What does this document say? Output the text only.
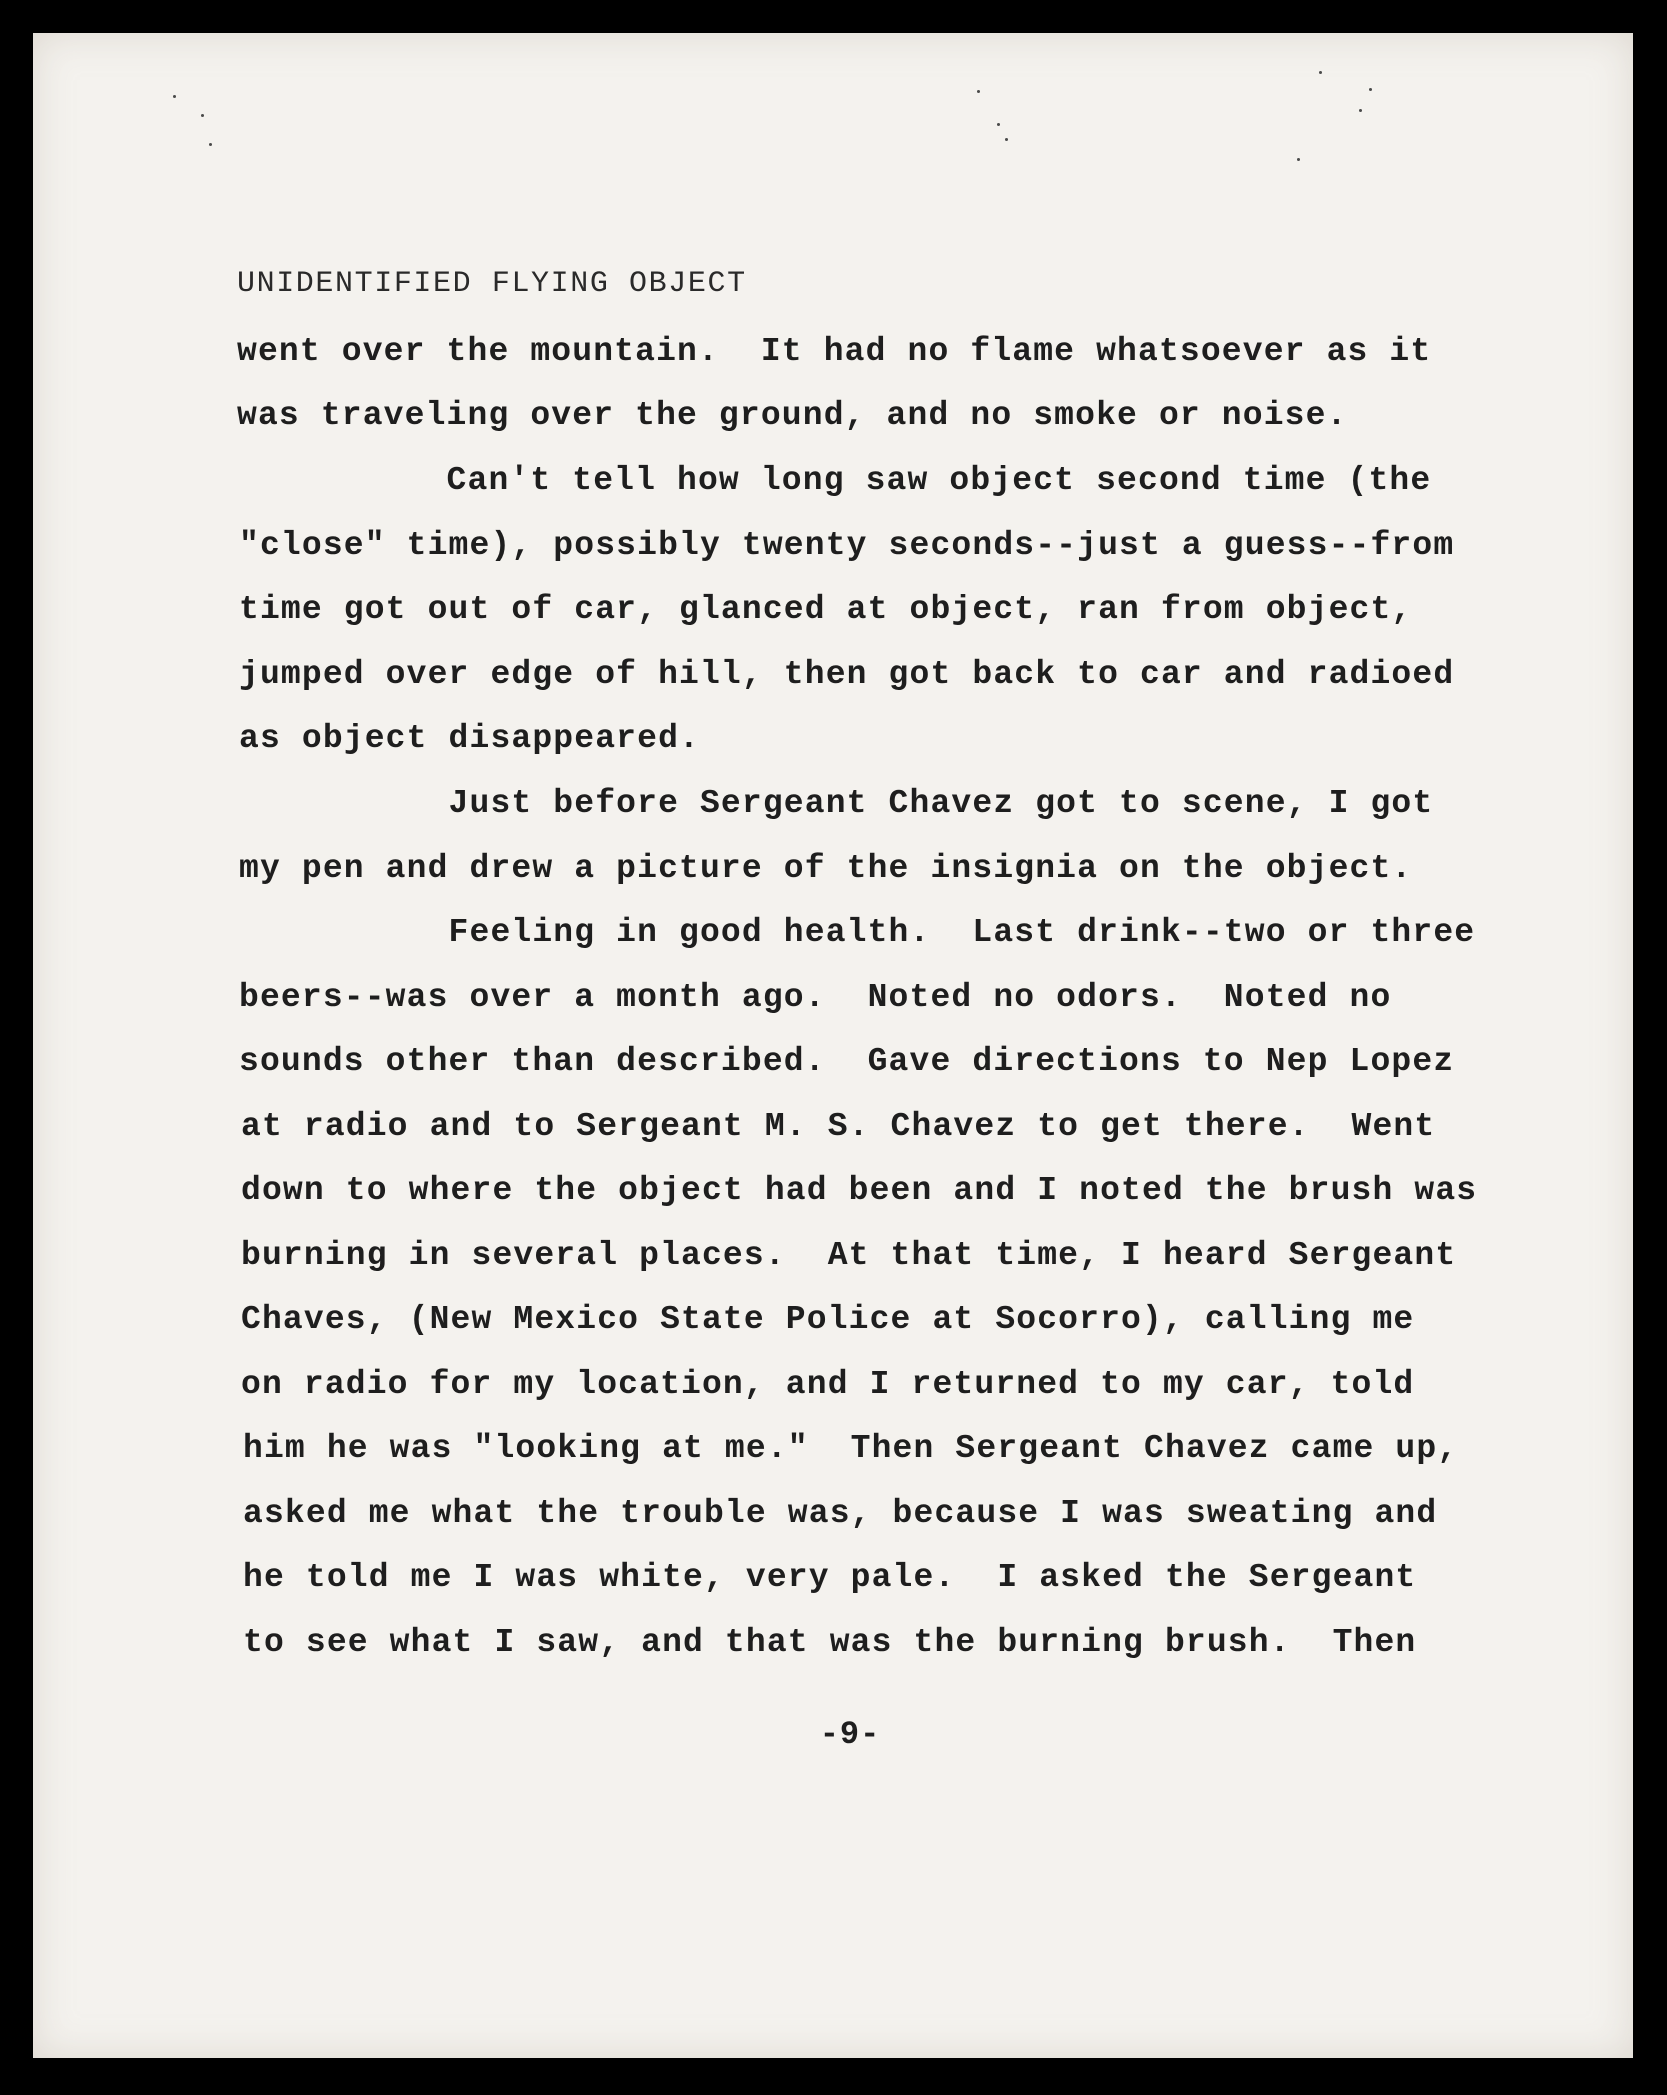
UNIDENTIFIED FLYING OBJECT
went over the mountain.  It had no flame whatsoever as it
was traveling over the ground, and no smoke or noise.
Can't tell how long saw object second time (the
"close" time), possibly twenty seconds--just a guess--from
time got out of car, glanced at object, ran from object,
jumped over edge of hill, then got back to car and radioed
as object disappeared.
Just before Sergeant Chavez got to scene, I got
my pen and drew a picture of the insignia on the object.
Feeling in good health.  Last drink--two or three
beers--was over a month ago.  Noted no odors.  Noted no
sounds other than described.  Gave directions to Nep Lopez
at radio and to Sergeant M. S. Chavez to get there.  Went
down to where the object had been and I noted the brush was
burning in several places.  At that time, I heard Sergeant
Chaves, (New Mexico State Police at Socorro), calling me
on radio for my location, and I returned to my car, told
him he was "looking at me."  Then Sergeant Chavez came up,
asked me what the trouble was, because I was sweating and
he told me I was white, very pale.  I asked the Sergeant
to see what I saw, and that was the burning brush.  Then
-9-
